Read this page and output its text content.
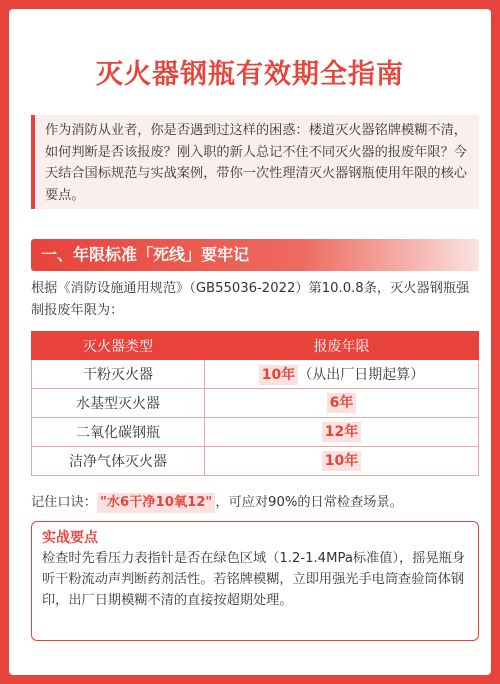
灭火器钢瓶有效期全指南

作为消防从业者，你是否遇到过这样的困惑：楼道灭火器铭牌模糊不清，如何判断是否该报废？刚入职的新人总记不住不同灭火器的报废年限？今天结合国标规范与实战案例，带你一次性理清灭火器钢瓶使用年限的核心要点。

一、年限标准「死线」要牢记

根据《消防设施通用规范》（GB55036-2022）第10.0.8条，灭火器钢瓶强制报废年限为：

灭火器类型	报废年限
干粉灭火器	10年 （从出厂日期起算）
水基型灭火器	6年
二氧化碳钢瓶	12年
洁净气体灭火器	10年

记住口诀： "水6干净10氧12" ，可应对90%的日常检查场景。

实战要点

检查时先看压力表指针是否在绿色区域（1.2-1.4MPa标准值），摇晃瓶身听干粉流动声判断药剂活性。若铭牌模糊，立即用强光手电筒查验筒体钢印，出厂日期模糊不清的直接按超期处理。
